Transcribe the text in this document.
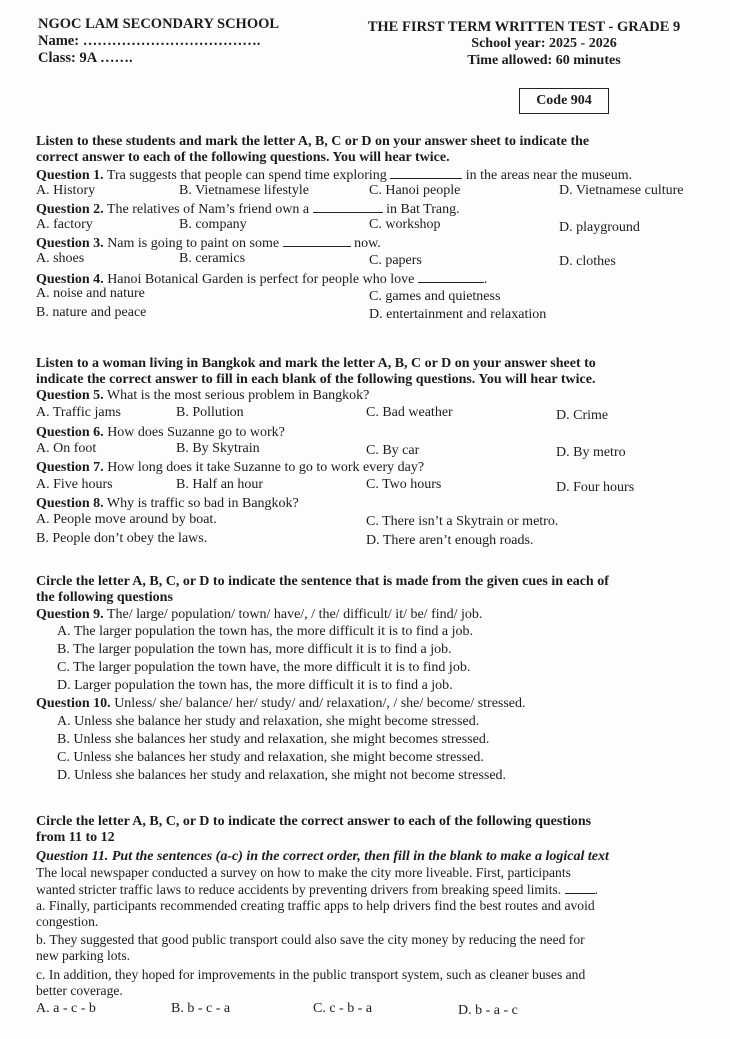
NGOC LAM SECONDARY SCHOOL
Name: ……………………………….
Class: 9A …….
THE FIRST TERM WRITTEN TEST - GRADE 9
School year: 2025 - 2026
Time allowed: 60 minutes
Code 904
Listen to these students and mark the letter A, B, C or D on your answer sheet to indicate the
correct answer to each of the following questions. You will hear twice.
Question 1. Tra suggests that people can spend time exploring	in the areas near the museum.
A. History	B. Vietnamese lifestyle	C. Hanoi people	D. Vietnamese culture
Question 2. The relatives of Nam’s friend own a	in Bat Trang.
A. factory	B. company	C. workshop	D. playground
Question 3. Nam is going to paint on some	now.
A. shoes	B. ceramics	C. papers	D. clothes
Question 4. Hanoi Botanical Garden is perfect for people who love	.
A. noise and nature	C. games and quietness
B. nature and peace	D. entertainment and relaxation
Listen to a woman living in Bangkok and mark the letter A, B, C or D on your answer sheet to
indicate the correct answer to fill in each blank of the following questions. You will hear twice.
Question 5. What is the most serious problem in Bangkok?
A. Traffic jams	B. Pollution	C. Bad weather	D. Crime
Question 6. How does Suzanne go to work?
A. On foot	B. By Skytrain	C. By car	D. By metro
Question 7. How long does it take Suzanne to go to work every day?
A. Five hours	B. Half an hour	C. Two hours	D. Four hours
Question 8. Why is traffic so bad in Bangkok?
A. People move around by boat.	C. There isn’t a Skytrain or metro.
B. People don’t obey the laws.	D. There aren’t enough roads.
Circle the letter A, B, C, or D to indicate the sentence that is made from the given cues in each of
the following questions
Question 9. The/ large/ population/ town/ have/, / the/ difficult/ it/ be/ find/ job.
A. The larger population the town has, the more difficult it is to find a job.
B. The larger population the town has, more difficult it is to find a job.
C. The larger population the town have, the more difficult it is to find job.
D. Larger population the town has, the more difficult it is to find a job.
Question 10. Unless/ she/ balance/ her/ study/ and/ relaxation/, / she/ become/ stressed.
A. Unless she balance her study and relaxation, she might become stressed.
B. Unless she balances her study and relaxation, she might becomes stressed.
C. Unless she balances her study and relaxation, she might become stressed.
D. Unless she balances her study and relaxation, she might not become stressed.
Circle the letter A, B, C, or D to indicate the correct answer to each of the following questions
from 11 to 12
Question 11. Put the sentences (a-c) in the correct order, then fill in the blank to make a logical text
The local newspaper conducted a survey on how to make the city more liveable. First, participants
wanted stricter traffic laws to reduce accidents by preventing drivers from breaking speed limits. .
a. Finally, participants recommended creating traffic apps to help drivers find the best routes and avoid
congestion.
b. They suggested that good public transport could also save the city money by reducing the need for
new parking lots.
c. In addition, they hoped for improvements in the public transport system, such as cleaner buses and
better coverage.
A. a - c - b	B. b - c - a	C. c - b - a	D. b - a - c
